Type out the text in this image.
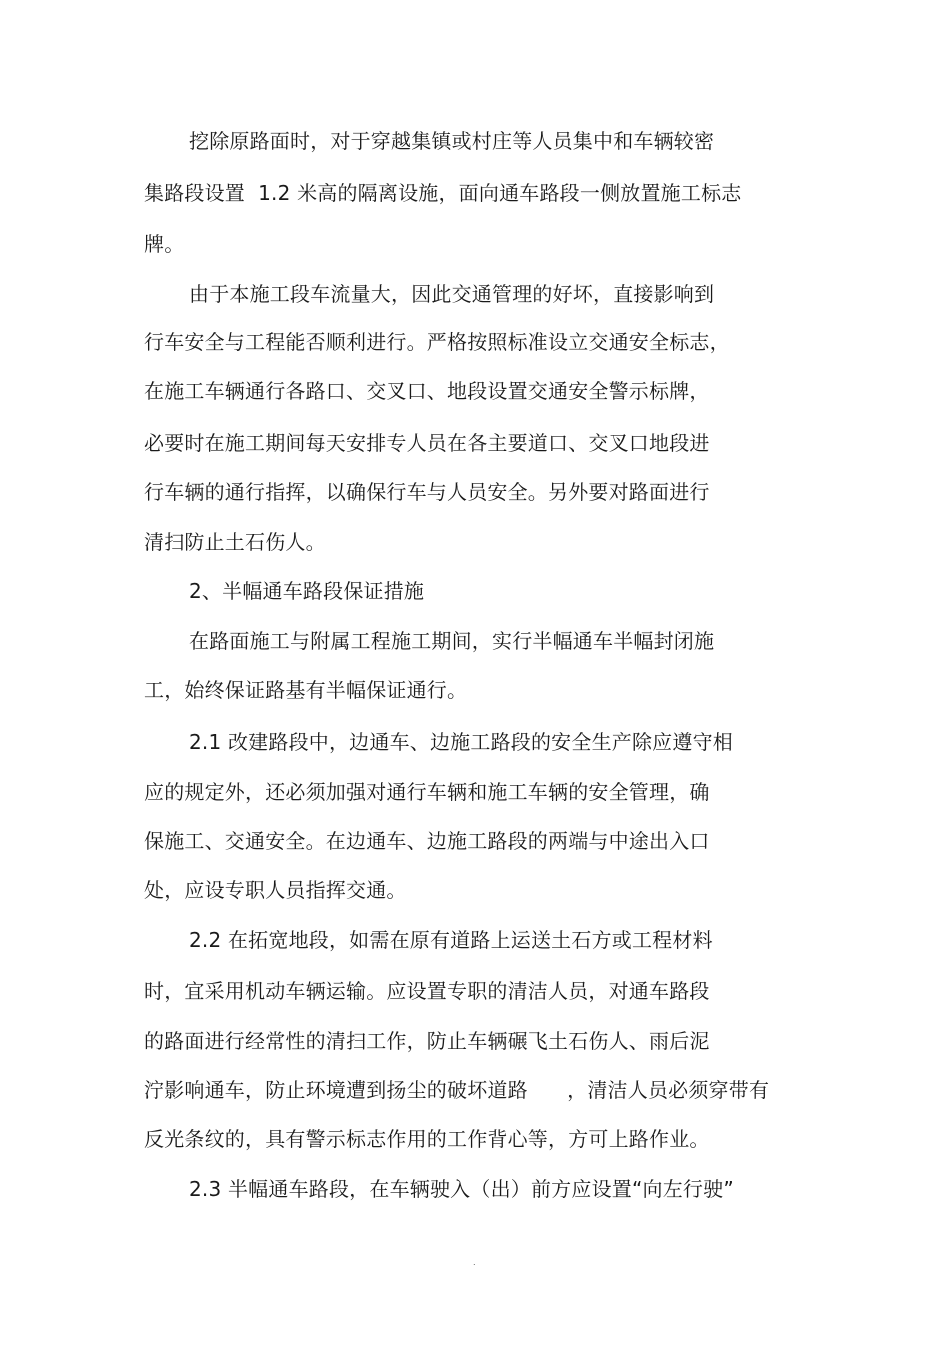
挖除原路面时，对于穿越集镇或村庄等人员集中和车辆较密
集路段设置  1.2 米高的隔离设施，面向通车路段一侧放置施工标志
牌。
由于本施工段车流量大，因此交通管理的好坏，直接影响到
行车安全与工程能否顺利进行。严格按照标准设立交通安全标志，
在施工车辆通行各路口、交叉口、地段设置交通安全警示标牌，
必要时在施工期间每天安排专人员在各主要道口、交叉口地段进
行车辆的通行指挥，以确保行车与人员安全。另外要对路面进行
清扫防止土石伤人。
2、半幅通车路段保证措施
在路面施工与附属工程施工期间，实行半幅通车半幅封闭施
工，始终保证路基有半幅保证通行。
2.1 改建路段中，边通车、边施工路段的安全生产除应遵守相
应的规定外，还必须加强对通行车辆和施工车辆的安全管理，确
保施工、交通安全。在边通车、边施工路段的两端与中途出入口
处，应设专职人员指挥交通。
2.2 在拓宽地段，如需在原有道路上运送土石方或工程材料
时，宜采用机动车辆运输。应设置专职的清洁人员，对通车路段
的路面进行经常性的清扫工作，防止车辆碾飞土石伤人、雨后泥
泞影响通车，防止环境遭到扬尘的破坏道路      ，清洁人员必须穿带有
反光条纹的，具有警示标志作用的工作背心等，方可上路作业。
2.3 半幅通车路段，在车辆驶入（出）前方应设置“向左行驶”
.
